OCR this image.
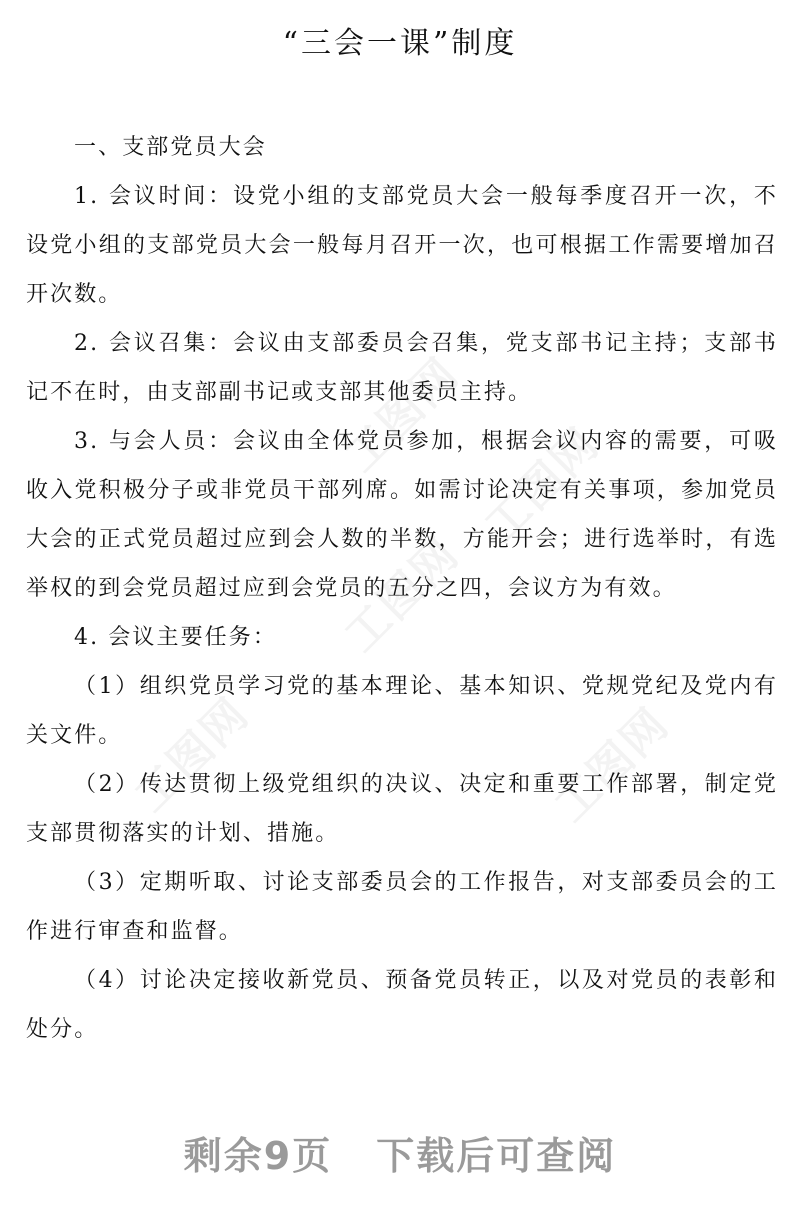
工图网
工图网
工图网
工图网
工图网
“三会一课”制度

一、支部党员大会

1. 会议时间：设党小组的支部党员大会一般每季度召开一次，不设党小组的支部党员大会一般每月召开一次，也可根据工作需要增加召开次数。

2. 会议召集：会议由支部委员会召集，党支部书记主持；支部书记不在时，由支部副书记或支部其他委员主持。

3. 与会人员：会议由全体党员参加，根据会议内容的需要，可吸收入党积极分子或非党员干部列席。如需讨论决定有关事项，参加党员大会的正式党员超过应到会人数的半数，方能开会；进行选举时，有选举权的到会党员超过应到会党员的五分之四，会议方为有效。

4. 会议主要任务：

（1）组织党员学习党的基本理论、基本知识、党规党纪及党内有关文件。

（2）传达贯彻上级党组织的决议、决定和重要工作部署，制定党支部贯彻落实的计划、措施。

（3）定期听取、讨论支部委员会的工作报告，对支部委员会的工作进行审查和监督。

（4）讨论决定接收新党员、预备党员转正，以及对党员的表彰和处分。

剩余9页 下载后可查阅
